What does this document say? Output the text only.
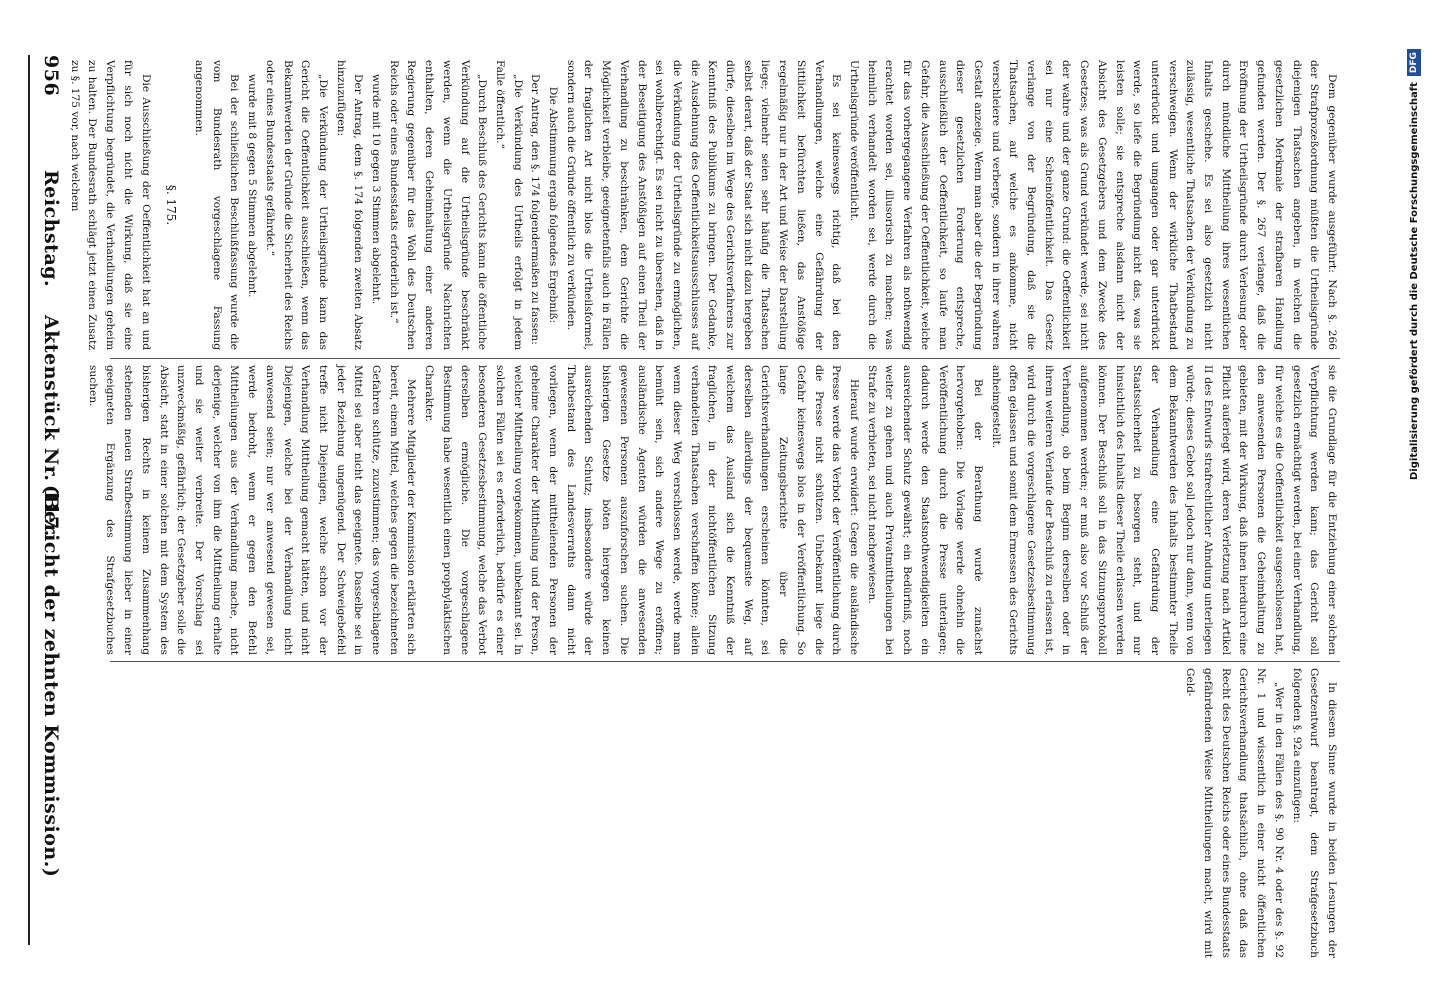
956
Reichstag.
Aktenstück Nr. 117.
(Bericht der zehnten Kommission.)

Dem gegenüber wurde ausgeführt: Nach §. 266 der Strafprozeßordnung müßten die Urtheilsgründe diejenigen Thatsachen angeben, in welchen die gesetzlichen Merkmale der strafbaren Handlung gefunden werden. Der §. 267 verlange, daß die Eröffnung der Urtheilsgründe durch Verlesung oder durch mündliche Mittheilung ihres wesentlichen Inhalts geschehe. Es sei also gesetzlich nicht zulässig, wesentliche Thatsachen der Verkündung zu verschweigen. Wenn der wirkliche Thatbestand unterdrückt und umgangen oder gar unterdrückt werde, so liefe die Begründung nicht das, was sie leisten solle; sie entspreche alsdann nicht der Absicht des Gesetzgebers und dem Zwecke des Gesetzes; was als Grund verkündet werde, sei nicht der wahre und der ganze Grund: die Oeffentlichkeit sei nur eine Scheinöffentlichkeit. Das Gesetz verlange von der Begründung, daß sie die Thatsachen, auf welche es ankomme, nicht verschleiere und verberge, sondern in ihrer wahren Gestalt anzeige. Wenn man aber die der Begründung dieser gesetzlichen Forderung entspreche, ausschließlich der Oeffentlichkeit, so laufe man Gefahr, die Ausschließung der Oeffentlichkeit, welche für das vorhergegangene Verfahren als nothwendig erachtet worden sei, illusorisch zu machen; was heimlich verhandelt worden sei, werde durch die Urtheilsgründe veröffentlicht.

Es sei keineswegs richtig, daß bei den Verhandlungen, welche eine Gefährdung der Sittlichkeit befürchten ließen, das Anstößige regelmäßig nur in der Art und Weise der Darstellung liege; vielmehr seien sehr häufig die Thatsachen selbst derart, daß der Staat sich nicht dazu hergeben dürfe, dieselben im Wege des Gerichtsverfahrens zur Kenntniß des Publikums zu bringen. Der Gedanke, die Ausdehnung des Oeffentlichkeitsausschlusses auf die Verkündung der Urtheilsgründe zu ermöglichen, sei wohlberechtigt. Es sei nicht zu übersehen, daß in der Beseitigung des Anstößigen auf einen Theil der Verhandlung zu beschränken, dem Gerichte die Möglichkeit verbleibe, geeignetenfalls auch in Fällen der fraglichen Art nicht blos die Urtheilsformel, sondern auch die Gründe öffentlich zu verkünden.

Die Abstimmung ergab folgendes Ergebniß:

Der Antrag, den §. 174 folgendermaßen zu fassen:

„Die Verkündung des Urtheils erfolgt in jedem Falle öffentlich.“

„Durch Beschluß des Gerichts kann die öffentliche Verkündung auf die Urtheilsgründe beschränkt werden, wenn die Urtheilsgründe Nachrichten enthalten, deren Geheimhaltung einer anderen Regierung gegenüber für das Wohl des Deutschen Reichs oder eines Bundesstaats erforderlich ist.“

wurde mit 10 gegen 3 Stimmen abgelehnt.

Der Antrag, dem §. 174 folgenden zweiten Absatz hinzuzufügen:

„Die Verkündung der Urtheilsgründe kann das Gericht die Oeffentlichkeit ausschließen, wenn das Bekanntwerden der Gründe die Sicherheit des Reichs oder eines Bundesstaats gefährdet.“

wurde mit 8 gegen 5 Stimmen abgelehnt.

Bei der schließlichen Beschlußfassung wurde die vom Bundesrath vorgeschlagene Fassung angenommen.

§. 175.

Die Ausschließung der Oeffentlichkeit hat an und für sich noch nicht die Wirkung, daß sie eine Verpflichtung begründet, die Verhandlungen geheim zu halten. Der Bundesrath schlägt jetzt einen Zusatz zu §. 175 vor, nach welchem

sie die Grundlage für die Entziehung einer solchen Verpflichtung werden kann; das Gericht soll gesetzlich ermächtigt werden, bei einer Verhandlung, für welche es die Oeffentlichkeit ausgeschlossen hat, den anwesenden Personen die Geheimhaltung zu gebieten, mit der Wirkung, daß ihnen hierdurch eine Pflicht auferlegt wird, deren Verletzung nach Artikel II des Entwurfs strafrechtlicher Ahndung unterliegen würde; dieses Gebot soll jedoch nur dann, wenn von dem Bekanntwerden des Inhalts bestimmter Theile der Verhandlung eine Gefährdung der Staatssicherheit zu besorgen steht, und nur hinsichtlich des Inhalts dieser Theile erlassen werden können. Der Beschluß soll in das Sitzungsprotokoll aufgenommen werden; er muß also vor Schluß der Verhandlung, ob beim Beginn derselben oder in ihrem weiteren Verlaufe der Beschluß zu erlassen ist, wird durch die vorgeschlagene Gesetzesbestimmung offen gelassen und somit dem Ermessen des Gerichts anheimgestellt.

Bei der Berathung wurde zunächst hervorgehoben: Die Vorlage werde ohnehin die Veröffentlichung durch die Presse unterlagen; dadurch werde den Staatsnothwendigkeiten ein ausreichender Schutz gewährt; ein Bedürfniß, noch weiter zu gehen und auch Privatmittheilungen bei Strafe zu verbieten, sei nicht nachgewiesen.

Hierauf wurde erwidert: Gegen die ausländische Presse werde das Verbot der Veröffentlichung durch die Presse nicht schützen. Unbekannt liege die Gefahr keineswegs blos in der Veröffentlichung. So lange Zeitungsberichte über die Gerichtsverhandlungen erscheinen könnten, sei derselben allerdings der bequemste Weg, auf welchem das Ausland sich die Kenntniß der fraglichen, in der nichtöffentlichen Sitzung verhandelten Thatsachen verschaffen könne; allein wenn dieser Weg verschlossen werde, werde man bemüht sein, sich andere Wege zu eröffnen; ausländische Agenten würden die anwesenden gewesenen Personen auszuforschen suchen. Die bisherigen Gesetze böten hiergegen keinen ausreichenden Schutz; insbesondere würde der Thatbestand des Landesverraths dann nicht vorliegen, wenn der mittheilenden Personen der geheime Charakter der Mittheilung und der Person, welcher Mittheilung vorgekommen, unbekannt sei. In solchen Fällen sei es erforderlich, bedürfe es einer besonderen Gesetzesbestimmung, welche das Verbot derselben ermögliche. Die vorgeschlagene Bestimmung habe wesentlich einen prophylaktischen Charakter.

Mehrere Mitglieder der Kommission erklärten sich bereit, einem Mittel, welches gegen die bezeichneten Gefahren schütze, zuzustimmen; das vorgeschlagene Mittel sei aber nicht das geeignete. Dasselbe sei in jeder Beziehung ungenügend. Der Schweigebefehl treffe nicht Diejenigen, welche schon vor der Verhandlung Mittheilung gemacht hätten, und nicht Diejenigen, welche bei der Verhandlung nicht anwesend seien; nur wer anwesend gewesen sei, werde bedroht, wenn er gegen den Befehl Mittheilungen aus der Verhandlung mache, nicht derjenige, welcher von ihm die Mittheilung erhalte und sie weiter verbreite. Der Vorschlag sei unzweckmäßig, gefährlich; der Gesetzgeber solle die Absicht, statt in einer solchen mit dem System des bisherigen Rechts in keinem Zusammenhang stehenden neuen Strafbestimmung lieber in einer geeigneten Ergänzung des Strafgesetzbuches suchen.

In diesem Sinne wurde in beiden Lesungen der Gesetzentwurf beantragt, dem Strafgesetzbuch folgenden §. 92a einzufügen:

„Wer in den Fällen des §. 90 Nr. 4 oder des §. 92 Nr. 1 und wissentlich in einer nicht öffentlichen Gerichtsverhandlung thatsächlich, ohne daß das Recht des Deutschen Reichs oder eines Bundesstaats gefährdenden Weise Mittheilungen macht, wird mit Geld-

Digitalisierung gefördert durch die Deutsche ForschungsgemeinschaftDFG
